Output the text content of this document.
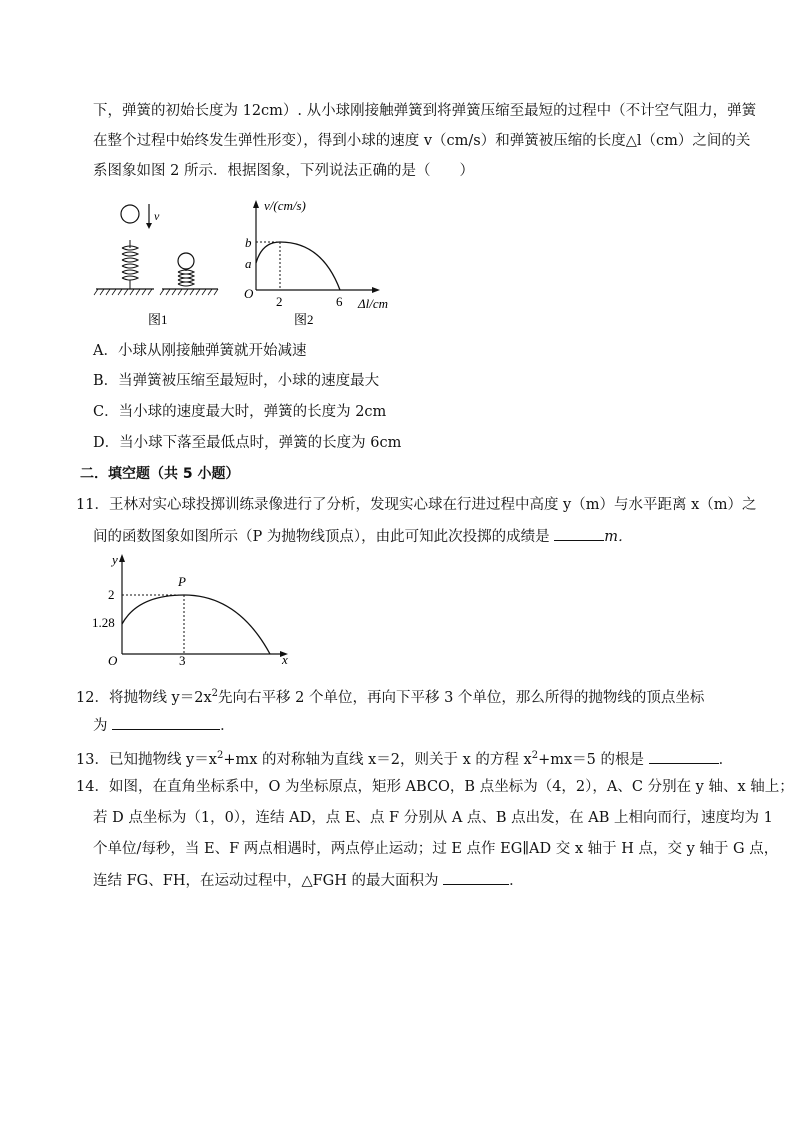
下，弹簧的初始长度为 12cm）. 从小球刚接触弹簧到将弹簧压缩至最短的过程中（不计空气阻力，弹簧
在整个过程中始终发生弹性形变），得到小球的速度 v（cm/s）和弹簧被压缩的长度△l（cm）之间的关
系图象如图 2 所示．根据图象，下列说法正确的是（　　）
v
图1
v/(cm/s)
Δl/cm
O
b
a
2	6
图2
A．小球从刚接触弹簧就开始减速
B．当弹簧被压缩至最短时，小球的速度最大
C．当小球的速度最大时，弹簧的长度为 2cm
D．当小球下落至最低点时，弹簧的长度为 6cm
二．填空题（共 5 小题）
11．王林对实心球投掷训练录像进行了分析，发现实心球在行进过程中高度 y（m）与水平距离 x（m）之
间的函数图象如图所示（P 为抛物线顶点），由此可知此次投掷的成绩是	m．
y
x
O
2
1.28
3
P
12．将抛物线 $y=2x^2$先向右平移 2 个单位，再向下平移 3 个单位，那么所得的抛物线的顶点坐标
为	．
13．已知抛物线 $y=x^2+mx$ 的对称轴为直线 x＝2，则关于 x 的方程 $x^2+mx=5$ 的根是	．
14．如图，在直角坐标系中，O 为坐标原点，矩形 ABCO，B 点坐标为（4，2），A、C 分别在 y 轴、x 轴上；
若 D 点坐标为（1，0），连结 AD，点 E、点 F 分别从 A 点、B 点出发，在 AB 上相向而行，速度均为 1
个单位/每秒，当 E、F 两点相遇时，两点停止运动；过 E 点作 EG∥AD 交 x 轴于 H 点，交 y 轴于 G 点，
连结 FG、FH，在运动过程中，△FGH 的最大面积为	．
